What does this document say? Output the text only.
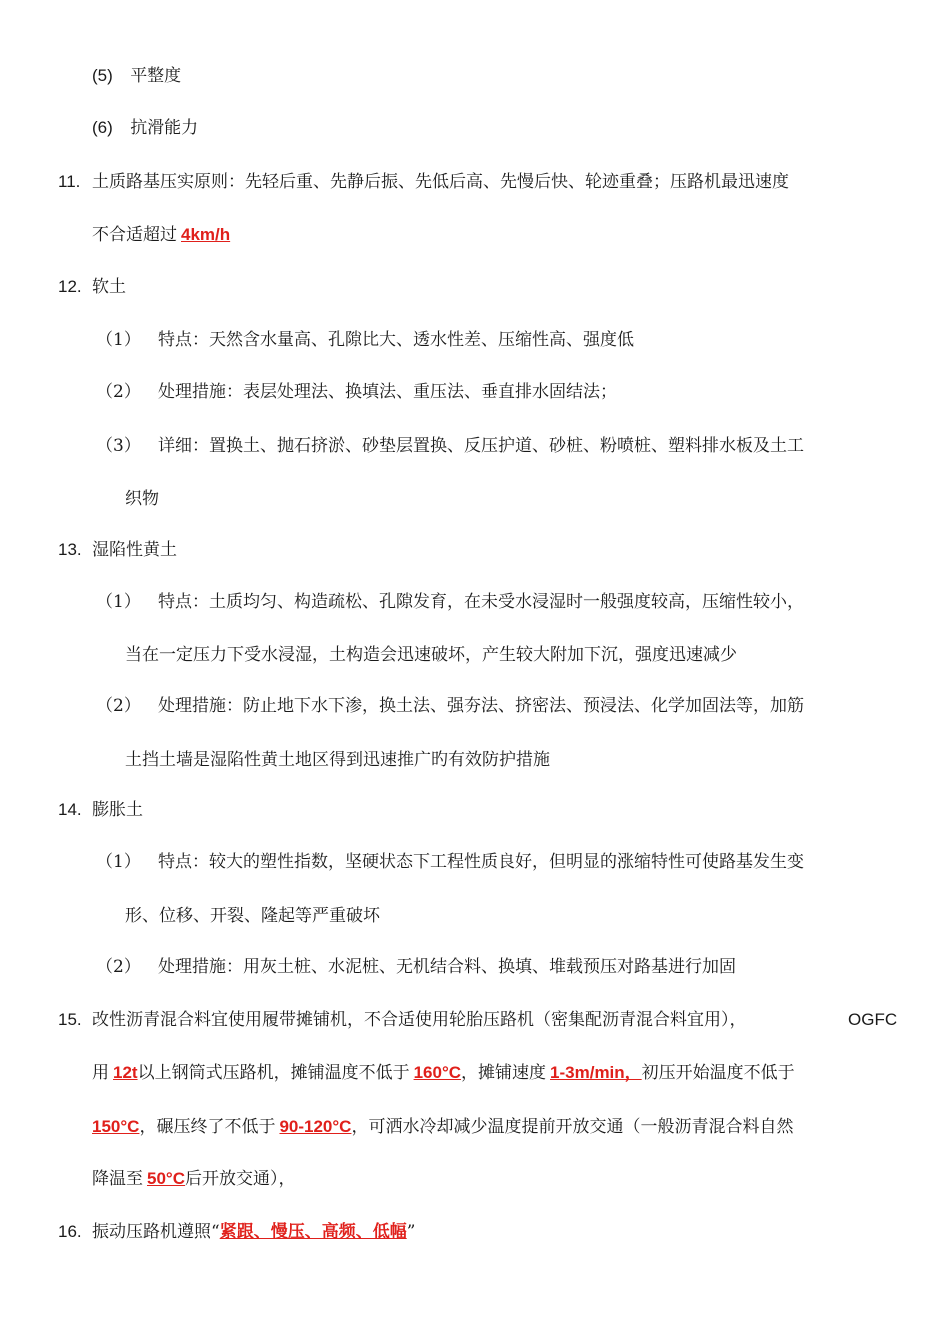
(5) 平整度
(6) 抗滑能力
11. 土质路基压实原则：先轻后重、先静后振、先低后高、先慢后快、轮迹重叠；压路机最迅速度
不合适超过 4km/h
12. 软土
（1） 特点：天然含水量高、孔隙比大、透水性差、压缩性高、强度低
（2） 处理措施：表层处理法、换填法、重压法、垂直排水固结法；
（3） 详细：置换土、抛石挤淤、砂垫层置换、反压护道、砂桩、粉喷桩、塑料排水板及土工
织物
13. 湿陷性黄土
（1） 特点：土质均匀、构造疏松、孔隙发育，在未受水浸湿时一般强度较高，压缩性较小，
当在一定压力下受水浸湿，土构造会迅速破坏，产生较大附加下沉，强度迅速减少
（2） 处理措施：防止地下水下渗，换土法、强夯法、挤密法、预浸法、化学加固法等，加筋
土挡土墙是湿陷性黄土地区得到迅速推广旳有效防护措施
14. 膨胀土
（1） 特点：较大的塑性指数，坚硬状态下工程性质良好，但明显的涨缩特性可使路基发生变
形、位移、开裂、隆起等严重破坏
（2） 处理措施：用灰土桩、水泥桩、无机结合料、换填、堆载预压对路基进行加固
15. 改性沥青混合料宜使用履带摊铺机，不合适使用轮胎压路机（密集配沥青混合料宜用），	OGFC
用 12t以上钢筒式压路机，摊铺温度不低于 160°C，摊铺速度 1-3m/min，初压开始温度不低于
150°C，碾压终了不低于 90-120°C，可洒水冷却减少温度提前开放交通（一般沥青混合料自然
降温至 50°C后开放交通），
16. 振动压路机遵照“紧跟、慢压、高频、低幅”
